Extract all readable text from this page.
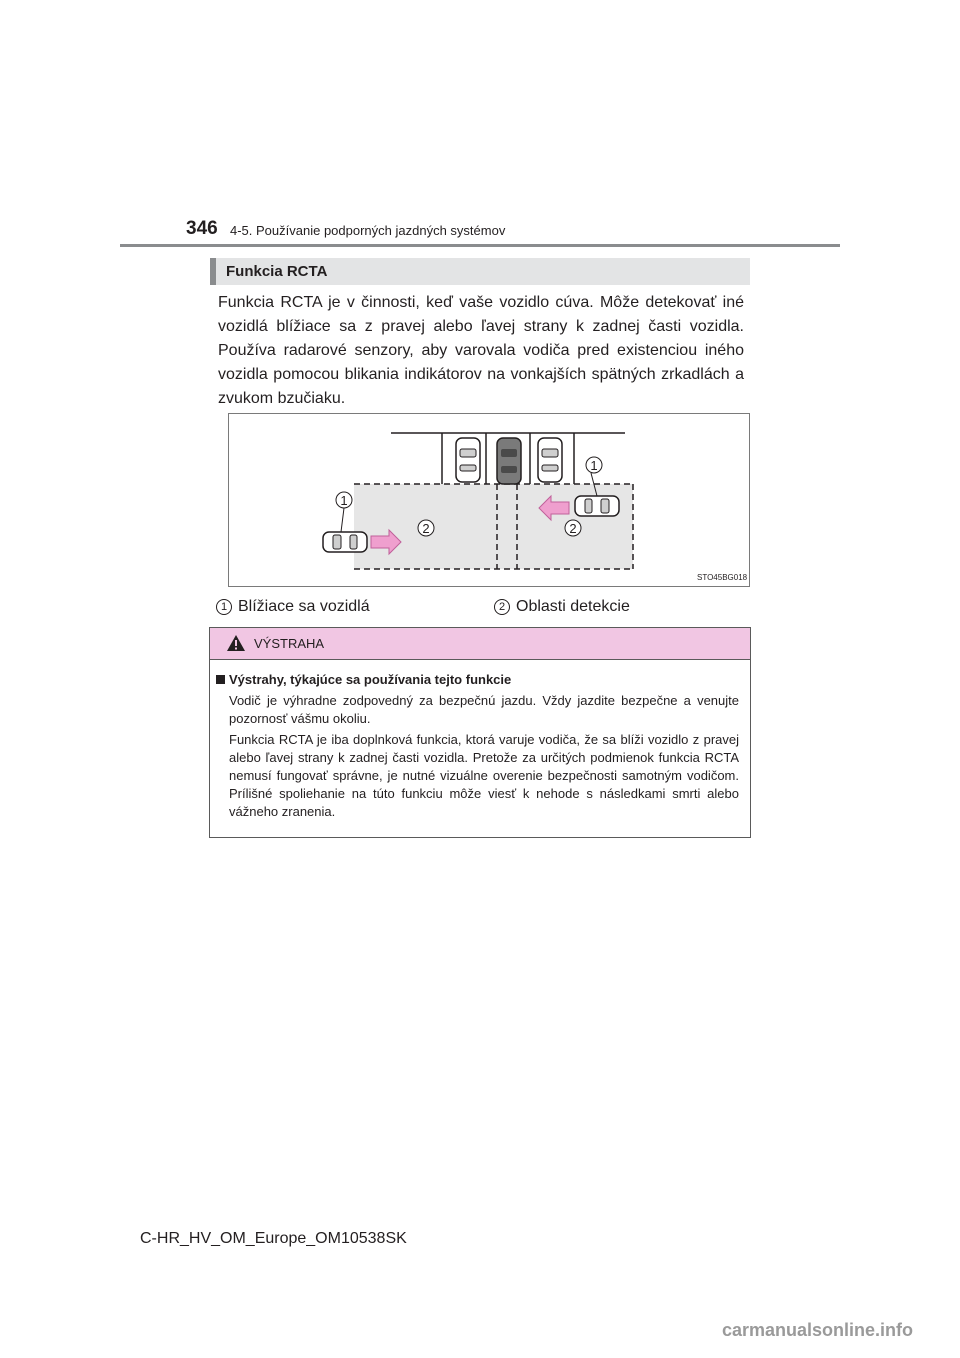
346 4-5. Používanie podporných jazdných systémov
Funkcia RCTA
Funkcia RCTA je v činnosti, keď vaše vozidlo cúva. Môže detekovať iné vozidlá blížiace sa z pravej alebo ľavej strany k zadnej časti vozidla. Používa radarové senzory, aby varovala vodiča pred existenciou iného vozidla pomocou blikania indikátorov na vonkajších spätných zrkadlách a zvukom bzučiaku.
1
1
2	2
STO45BG018
1 Blížiace sa vozidlá	2 Oblasti detekcie
VÝSTRAHA
Výstrahy, týkajúce sa používania tejto funkcie
Vodič je výhradne zodpovedný za bezpečnú jazdu. Vždy jazdite bezpečne a venujte pozornosť vášmu okoliu.
Funkcia RCTA je iba doplnková funkcia, ktorá varuje vodiča, že sa blíži vozidlo z pravej alebo ľavej strany k zadnej časti vozidla. Pretože za určitých podmienok funkcia RCTA nemusí fungovať správne, je nutné vizuálne overenie bezpečnosti samotným vodičom. Prílišné spoliehanie na túto funkciu môže viesť k nehode s následkami smrti alebo vážneho zranenia.
C-HR_HV_OM_Europe_OM10538SK
carmanualsonline.info
